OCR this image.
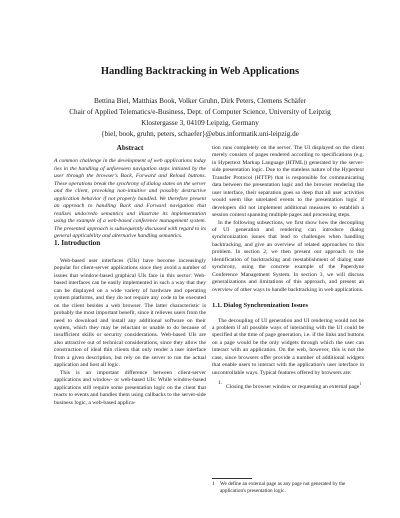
Handling Backtracking in Web Applications
Bettina Biel, Matthias Book, Volker Gruhn, Dirk Peters, Clemens Schäfer
Chair of Applied Telematics/e-Business, Dept. of Computer Science, University of Leipzig
Klostergasse 3, 04109 Leipzig, Germany
{biel, book, gruhn, peters, schaefer}@ebus.informatik.uni-leipzig.de
Abstract

A common challenge in the development of web applications today lies in the handling of unforeseen navigation steps initiated by the user through the browser's Back, Forward and Reload buttons. These operations break the synchrony of dialog states on the server and the client, provoking non-intuitive and possibly destructive application behavior if not properly handled. We therefore present an approach to handling Back and Forward navigation that realizes undo/redo semantics and illustrate its implementation using the example of a web-based conference management system. The presented approach is subsequently discussed with regard to its general applicability and alternative handling semantics.

1. Introduction

Web-based user interfaces (UIs) have become increasingly popular for client-server applications since they avoid a number of issues that window-based graphical UIs face in this sector: Web-based interfaces can be easily implemented in such a way that they can be displayed on a wide variety of hardware and operating system platforms, and they do not require any code to be executed on the client besides a web browser. The latter characteristic is probably the most important benefit, since it relieves users from the need to download and install any additional software on their system, which they may be reluctant or unable to do because of insufficient skills or security considerations. Web-based UIs are also attractive out of technical considerations, since they allow the construction of ideal thin clients that only render a user interface from a given description, but rely on the server to run the actual application and host all logic.

This is an important difference between client-server applications and window- or web-based UIs: While window-based applications still require some presentation logic on the client that reacts to events and handles them using callbacks to the server-side business logic, a web-based applica-

tion runs completely on the server. The UI displayed on the client merely consists of pages rendered according to specifications (e.g. in Hypertext Markup Language (HTML)) generated by the server-side presentation logic. Due to the stateless nature of the Hypertext Transfer Protocol (HTTP) that is responsible for communicating data between the presentation logic and the browser rendering the user interface, their separation goes so deep that all user activities would seem like unrelated events to the presentation logic if developers did not implement additional measures to establish a session context spanning multiple pages and processing steps.

In the following subsections, we first show how the decoupling of UI generation and rendering can introduce dialog synchronization issues that lead to challenges when handling backtracking, and give an overview of related approaches to this problem. In section 2, we then present our approach to the identification of backtracking and reestablishment of dialog state synchrony, using the concrete example of the Paperdyne Conference Management System. In section 3, we will discuss generalizations and limitations of this approach, and present an overview of other ways to handle backtracking in web applications.

1.1. Dialog Synchronization Issues

The decoupling of UI generation and UI rendering would not be a problem if all possible ways of interacting with the UI could be specified at the time of page generation, i.e. if the links and buttons on a page would be the only widgets through which the user can interact with an application. On the web, however, this is not the case, since browsers offer provide a number of additional widgets that enable users to interact with the application's user interface in uncontrollable ways. Typical features offered by browsers are:

1.
Closing the browser window or requesting an external page$^1$
1	We define an external page as any page not generated by the application's presentation logic.
